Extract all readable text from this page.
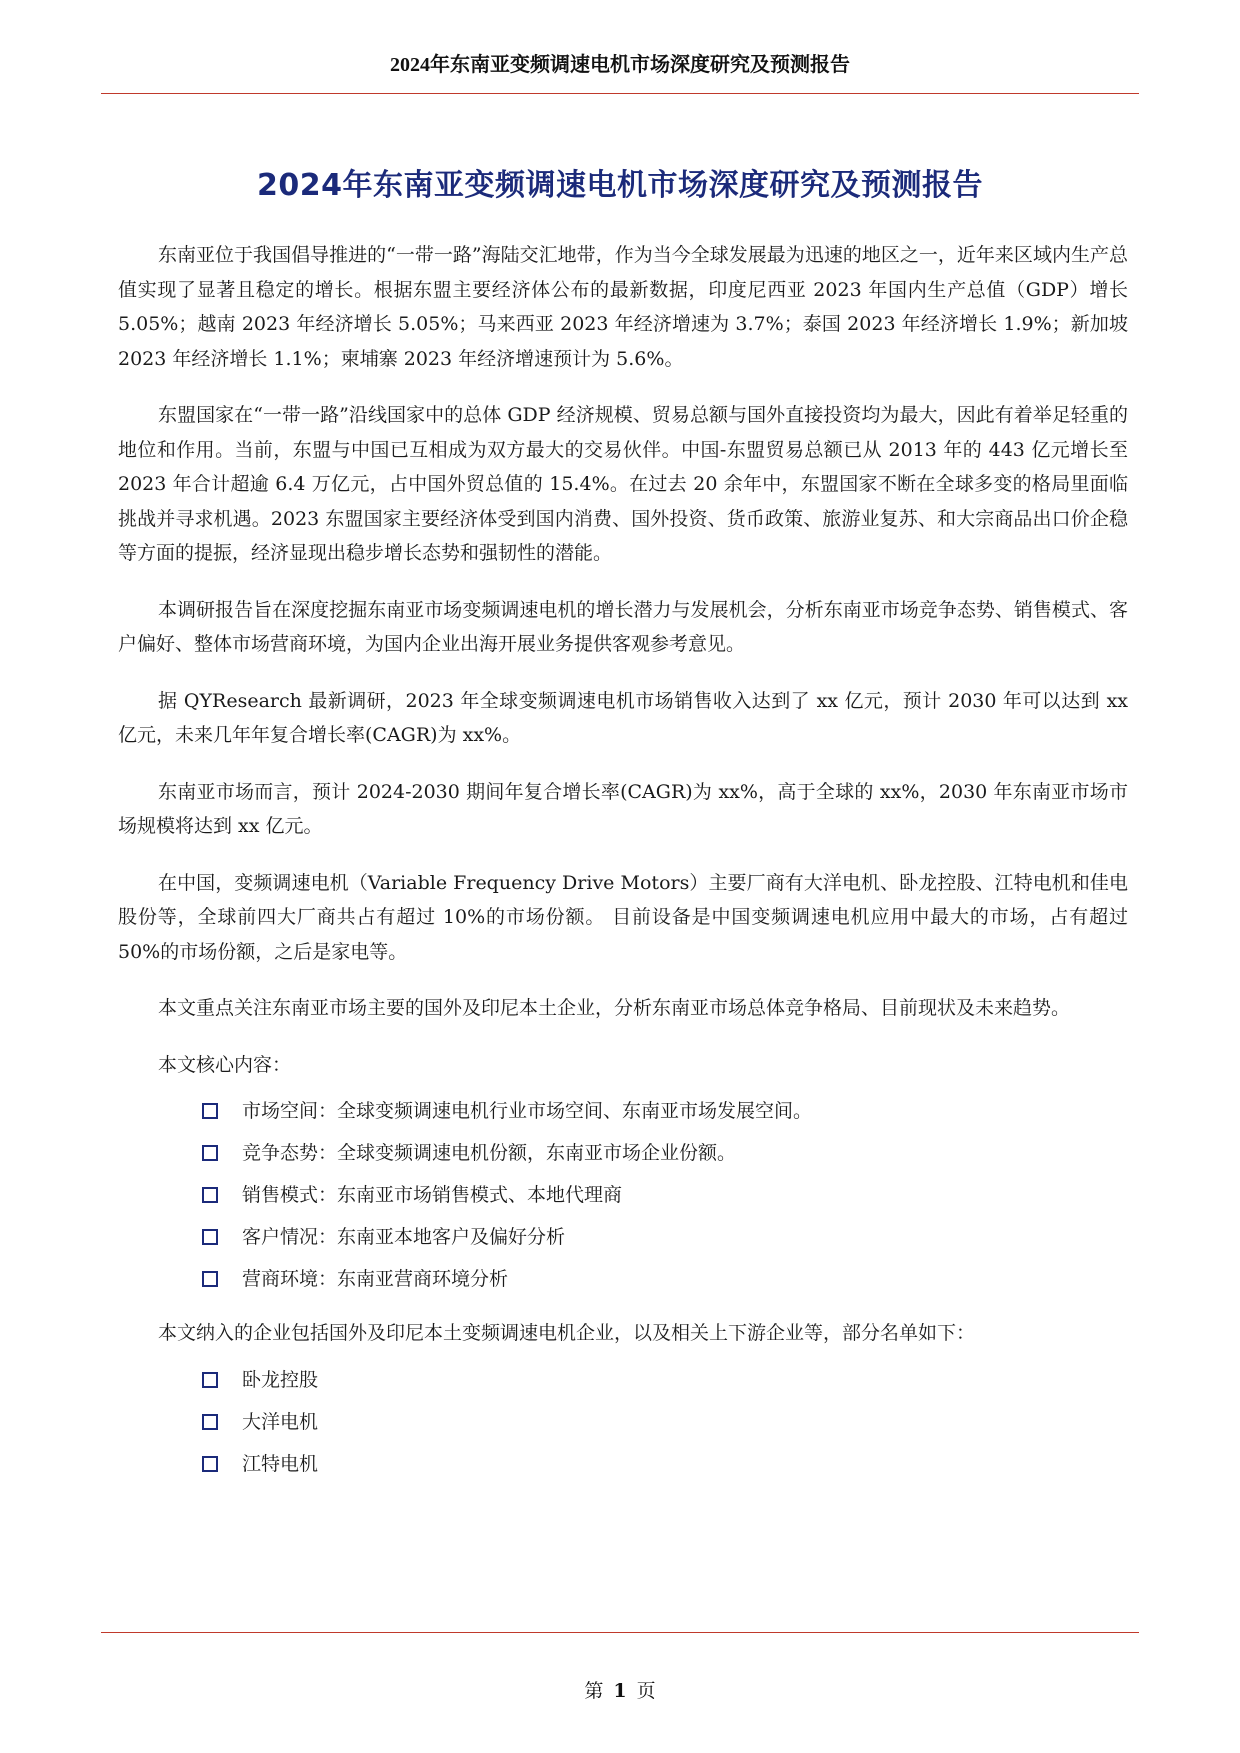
2024年东南亚变频调速电机市场深度研究及预测报告
2024年东南亚变频调速电机市场深度研究及预测报告

东南亚位于我国倡导推进的“一带一路”海陆交汇地带，作为当今全球发展最为迅速的地区之一，近年来区域内生产总值实现了显著且稳定的增长。根据东盟主要经济体公布的最新数据，印度尼西亚 2023 年国内生产总值（GDP）增长 5.05%；越南 2023 年经济增长 5.05%；马来西亚 2023 年经济增速为 3.7%；泰国 2023 年经济增长 1.9%；新加坡 2023 年经济增长 1.1%；柬埔寨 2023 年经济增速预计为 5.6%。

东盟国家在“一带一路”沿线国家中的总体 GDP 经济规模、贸易总额与国外直接投资均为最大，因此有着举足轻重的地位和作用。当前，东盟与中国已互相成为双方最大的交易伙伴。中国-东盟贸易总额已从 2013 年的 443 亿元增长至 2023 年合计超逾 6.4 万亿元，占中国外贸总值的 15.4%。在过去 20 余年中，东盟国家不断在全球多变的格局里面临挑战并寻求机遇。2023 东盟国家主要经济体受到国内消费、国外投资、货币政策、旅游业复苏、和大宗商品出口价企稳等方面的提振，经济显现出稳步增长态势和强韧性的潜能。

本调研报告旨在深度挖掘东南亚市场变频调速电机的增长潜力与发展机会，分析东南亚市场竞争态势、销售模式、客户偏好、整体市场营商环境，为国内企业出海开展业务提供客观参考意见。

据 QYResearch 最新调研，2023 年全球变频调速电机市场销售收入达到了 xx 亿元，预计 2030 年可以达到 xx 亿元，未来几年年复合增长率(CAGR)为 xx%。

东南亚市场而言，预计 2024-2030 期间年复合增长率(CAGR)为 xx%，高于全球的 xx%，2030 年东南亚市场市场规模将达到 xx 亿元。

在中国，变频调速电机（Variable Frequency Drive Motors）主要厂商有大洋电机、卧龙控股、江特电机和佳电股份等，全球前四大厂商共占有超过 10%的市场份额。 目前设备是中国变频调速电机应用中最大的市场，占有超过 50%的市场份额，之后是家电等。

本文重点关注东南亚市场主要的国外及印尼本土企业，分析东南亚市场总体竞争格局、目前现状及未来趋势。

本文核心内容：

市场空间：全球变频调速电机行业市场空间、东南亚市场发展空间。
竞争态势：全球变频调速电机份额，东南亚市场企业份额。
销售模式：东南亚市场销售模式、本地代理商
客户情况：东南亚本地客户及偏好分析
营商环境：东南亚营商环境分析

本文纳入的企业包括国外及印尼本土变频调速电机企业，以及相关上下游企业等，部分名单如下：

卧龙控股
大洋电机
江特电机
第 1 页
